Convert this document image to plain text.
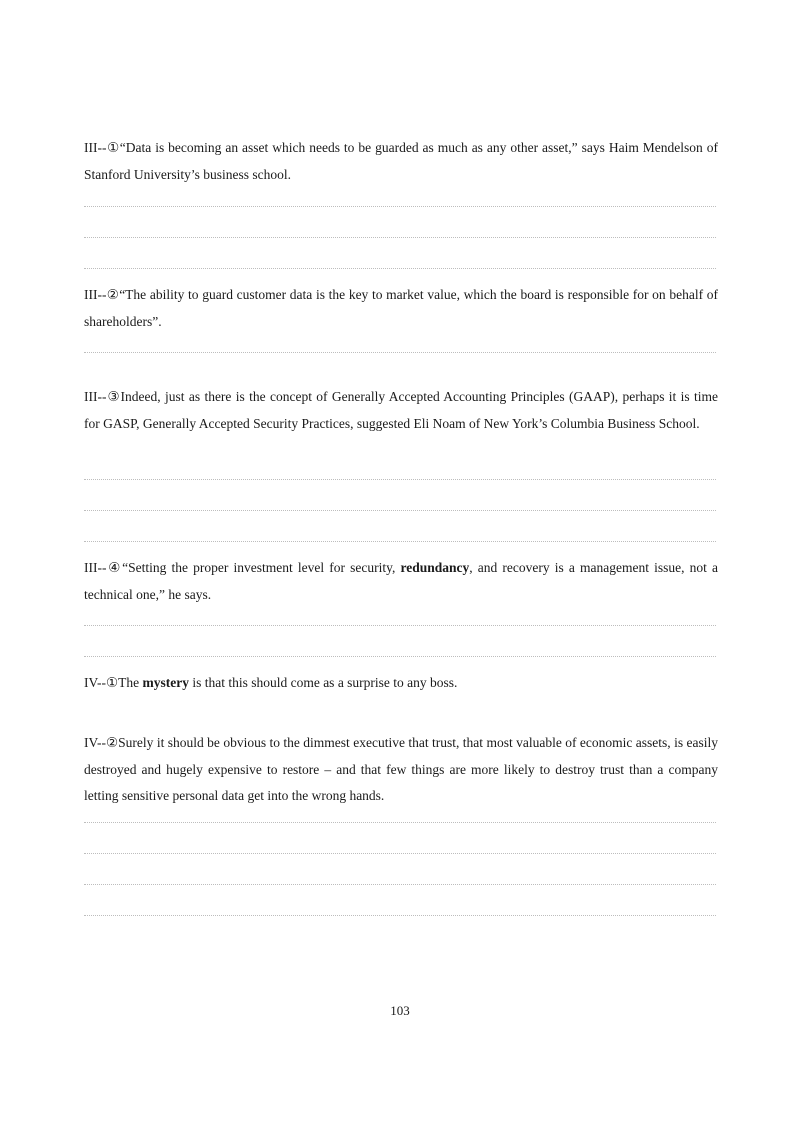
III--①“Data is becoming an asset which needs to be guarded as much as any other asset,” says Haim Mendelson of Stanford University’s business school.

III--②“The ability to guard customer data is the key to market value, which the board is responsible for on behalf of shareholders”.

III--③Indeed, just as there is the concept of Generally Accepted Accounting Principles (GAAP), perhaps it is time for GASP, Generally Accepted Security Practices, suggested Eli Noam of New York’s Columbia Business School.

III--④“Setting the proper investment level for security, redundancy, and recovery is a management issue, not a technical one,” he says.

IV--①The mystery is that this should come as a surprise to any boss.

IV--②Surely it should be obvious to the dimmest executive that trust, that most valuable of economic assets, is easily destroyed and hugely expensive to restore – and that few things are more likely to destroy trust than a company letting sensitive personal data get into the wrong hands.

103
